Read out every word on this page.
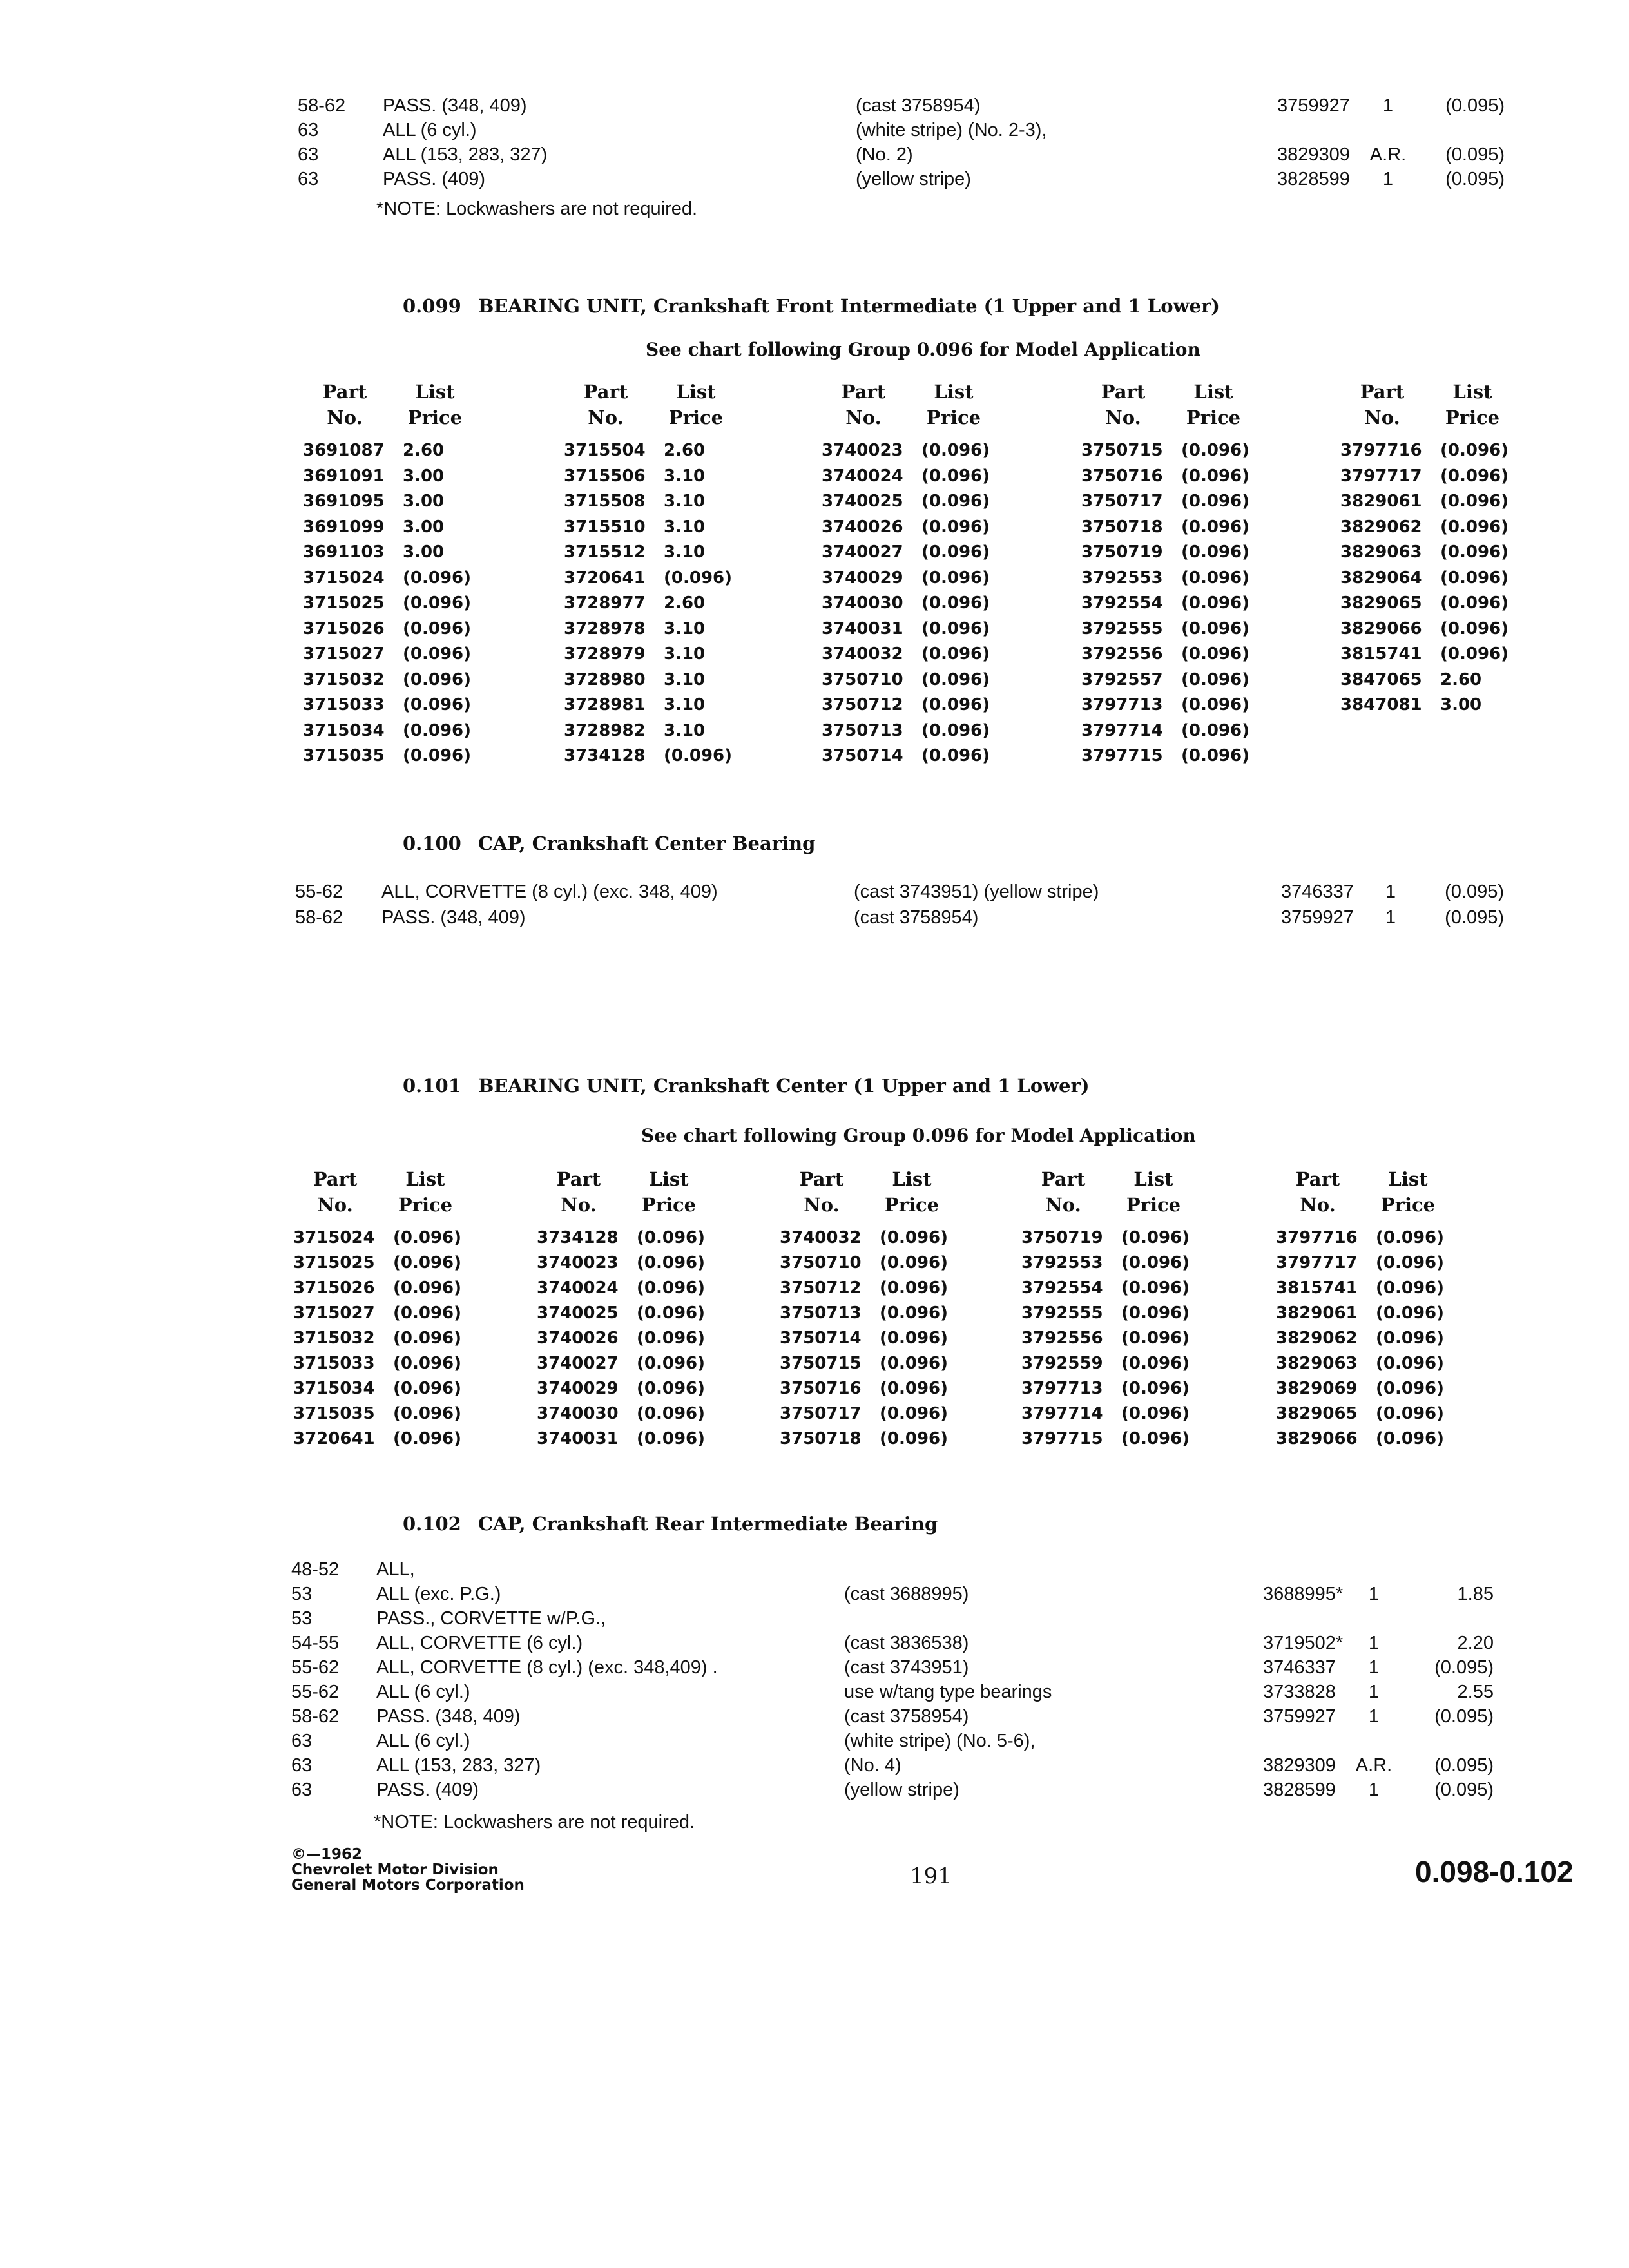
58-62 PASS. (348, 409)	(cast 3758954)	3759927	1	(0.095)
63	ALL (6 cyl.)	(white stripe) (No. 2-3),
63	ALL (153, 283, 327)	(No. 2)	3829309 A.R.	(0.095)
63	PASS. (409)	(yellow stripe)	3828599	1	(0.095)
*NOTE: Lockwashers are not required.
0.099 BEARING UNIT, Crankshaft Front Intermediate (1 Upper and 1 Lower)
See chart following Group 0.096 for Model Application
Part
No.
List
Price
3691087 2.60
3691091 3.00
3691095 3.00
3691099 3.00
3691103 3.00
3715024 (0.096)
3715025 (0.096)
3715026 (0.096)
3715027 (0.096)
3715032 (0.096)
3715033 (0.096)
3715034 (0.096)
3715035 (0.096)
Part
No.
List
Price
3715504 2.60
3715506 3.10
3715508 3.10
3715510 3.10
3715512 3.10
3720641 (0.096)
3728977 2.60
3728978 3.10
3728979 3.10
3728980 3.10
3728981 3.10
3728982 3.10
3734128 (0.096)
Part
No.
List
Price
3740023 (0.096)
3740024 (0.096)
3740025 (0.096)
3740026 (0.096)
3740027 (0.096)
3740029 (0.096)
3740030 (0.096)
3740031 (0.096)
3740032 (0.096)
3750710 (0.096)
3750712 (0.096)
3750713 (0.096)
3750714 (0.096)
Part
No.
List
Price
3750715 (0.096)
3750716 (0.096)
3750717 (0.096)
3750718 (0.096)
3750719 (0.096)
3792553 (0.096)
3792554 (0.096)
3792555 (0.096)
3792556 (0.096)
3792557 (0.096)
3797713 (0.096)
3797714 (0.096)
3797715 (0.096)
Part
No.
List
Price
3797716 (0.096)
3797717 (0.096)
3829061 (0.096)
3829062 (0.096)
3829063 (0.096)
3829064 (0.096)
3829065 (0.096)
3829066 (0.096)
3815741 (0.096)
3847065 2.60
3847081 3.00
0.100 CAP, Crankshaft Center Bearing
55-62 ALL, CORVETTE (8 cyl.) (exc. 348, 409)	(cast 3743951) (yellow stripe)	3746337	1	(0.095)
58-62 PASS. (348, 409)	(cast 3758954)	3759927	1	(0.095)
0.101 BEARING UNIT, Crankshaft Center (1 Upper and 1 Lower)
See chart following Group 0.096 for Model Application
Part
No.
List
Price
3715024 (0.096)
3715025 (0.096)
3715026 (0.096)
3715027 (0.096)
3715032 (0.096)
3715033 (0.096)
3715034 (0.096)
3715035 (0.096)
3720641 (0.096)
Part
No.
List
Price
3734128 (0.096)
3740023 (0.096)
3740024 (0.096)
3740025 (0.096)
3740026 (0.096)
3740027 (0.096)
3740029 (0.096)
3740030 (0.096)
3740031 (0.096)
Part
No.
List
Price
3740032 (0.096)
3750710 (0.096)
3750712 (0.096)
3750713 (0.096)
3750714 (0.096)
3750715 (0.096)
3750716 (0.096)
3750717 (0.096)
3750718 (0.096)
Part
No.
List
Price
3750719 (0.096)
3792553 (0.096)
3792554 (0.096)
3792555 (0.096)
3792556 (0.096)
3792559 (0.096)
3797713 (0.096)
3797714 (0.096)
3797715 (0.096)
Part
No.
List
Price
3797716 (0.096)
3797717 (0.096)
3815741 (0.096)
3829061 (0.096)
3829062 (0.096)
3829063 (0.096)
3829069 (0.096)
3829065 (0.096)
3829066 (0.096)
0.102 CAP, Crankshaft Rear Intermediate Bearing
48-52 ALL,
53	ALL (exc. P.G.)	(cast 3688995)	3688995*	1	1.85
53	PASS., CORVETTE w/P.G.,
54-55 ALL, CORVETTE (6 cyl.)	(cast 3836538)	3719502*	1	2.20
55-62 ALL, CORVETTE (8 cyl.) (exc. 348,409) .	(cast 3743951)	3746337	1	(0.095)
55-62 ALL (6 cyl.)	use w/tang type bearings	3733828	1	2.55
58-62 PASS. (348, 409)	(cast 3758954)	3759927	1	(0.095)
63	ALL (6 cyl.)	(white stripe) (No. 5-6),
63	ALL (153, 283, 327)	(No. 4)	3829309 A.R.	(0.095)
63	PASS. (409)	(yellow stripe)	3828599	1	(0.095)
*NOTE: Lockwashers are not required.
©—1962
Chevrolet Motor Division
General Motors Corporation	191	0.098-0.102
